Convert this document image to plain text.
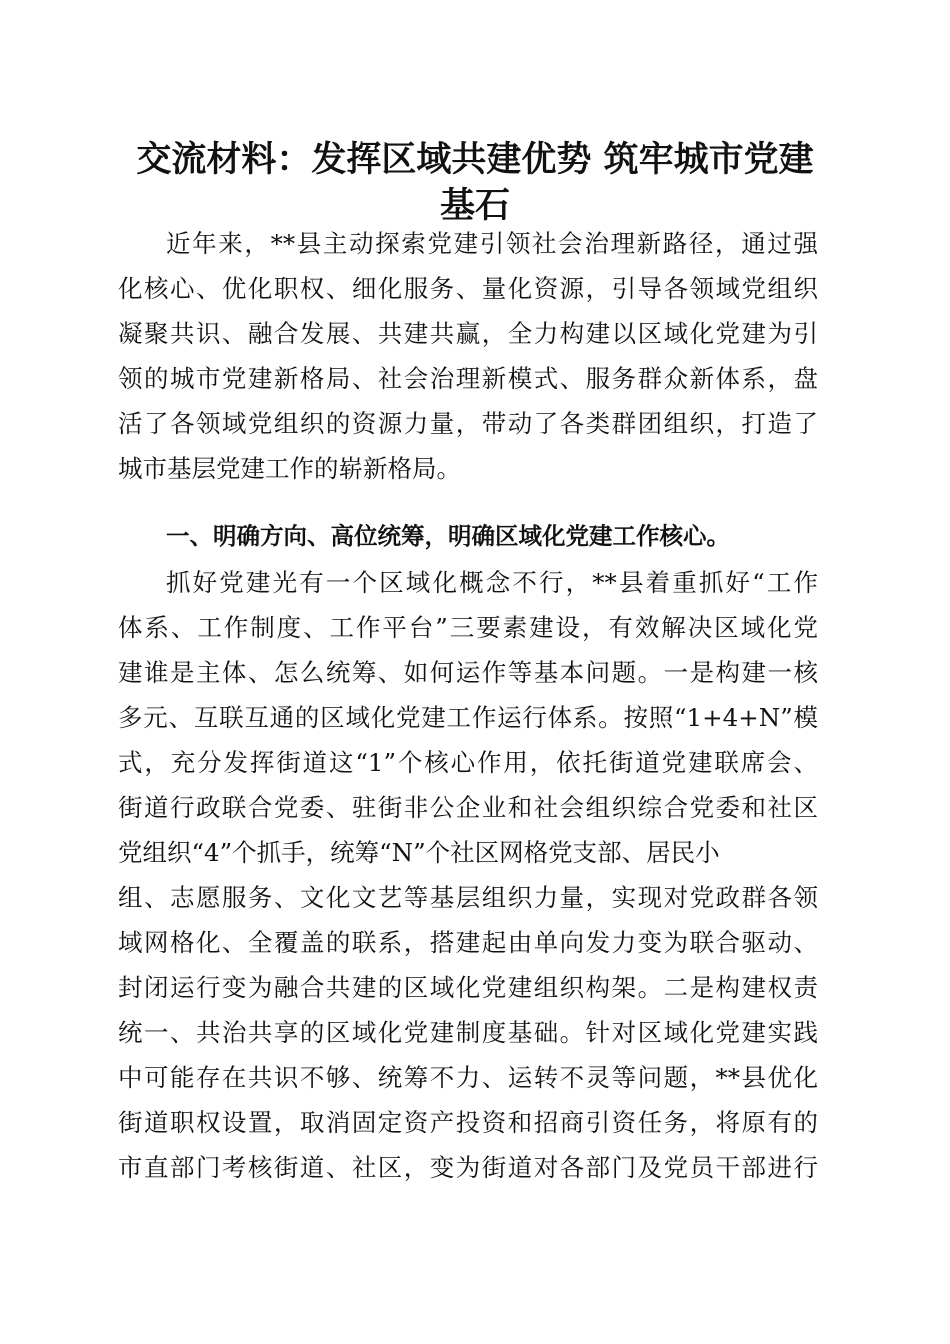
交流材料：发挥区域共建优势 筑牢城市党建
基石
近年来，**县主动探索党建引领社会治理新路径，通过强
化核心、优化职权、细化服务、量化资源，引导各领域党组织
凝聚共识、融合发展、共建共赢，全力构建以区域化党建为引
领的城市党建新格局、社会治理新模式、服务群众新体系，盘
活了各领域党组织的资源力量，带动了各类群团组织，打造了
城市基层党建工作的崭新格局。
一、明确方向、高位统筹，明确区域化党建工作核心。
抓好党建光有一个区域化概念不行，**县着重抓好“工作
体系、工作制度、工作平台”三要素建设，有效解决区域化党
建谁是主体、怎么统筹、如何运作等基本问题。一是构建一核
多元、互联互通的区域化党建工作运行体系。按照“1+4+N”模
式，充分发挥街道这“1”个核心作用，依托街道党建联席会、
街道行政联合党委、驻街非公企业和社会组织综合党委和社区
党组织“4”个抓手，统筹“N”个社区网格党支部、居民小
组、志愿服务、文化文艺等基层组织力量，实现对党政群各领
域网格化、全覆盖的联系，搭建起由单向发力变为联合驱动、
封闭运行变为融合共建的区域化党建组织构架。二是构建权责
统一、共治共享的区域化党建制度基础。针对区域化党建实践
中可能存在共识不够、统筹不力、运转不灵等问题，**县优化
街道职权设置，取消固定资产投资和招商引资任务，将原有的
市直部门考核街道、社区，变为街道对各部门及党员干部进行
